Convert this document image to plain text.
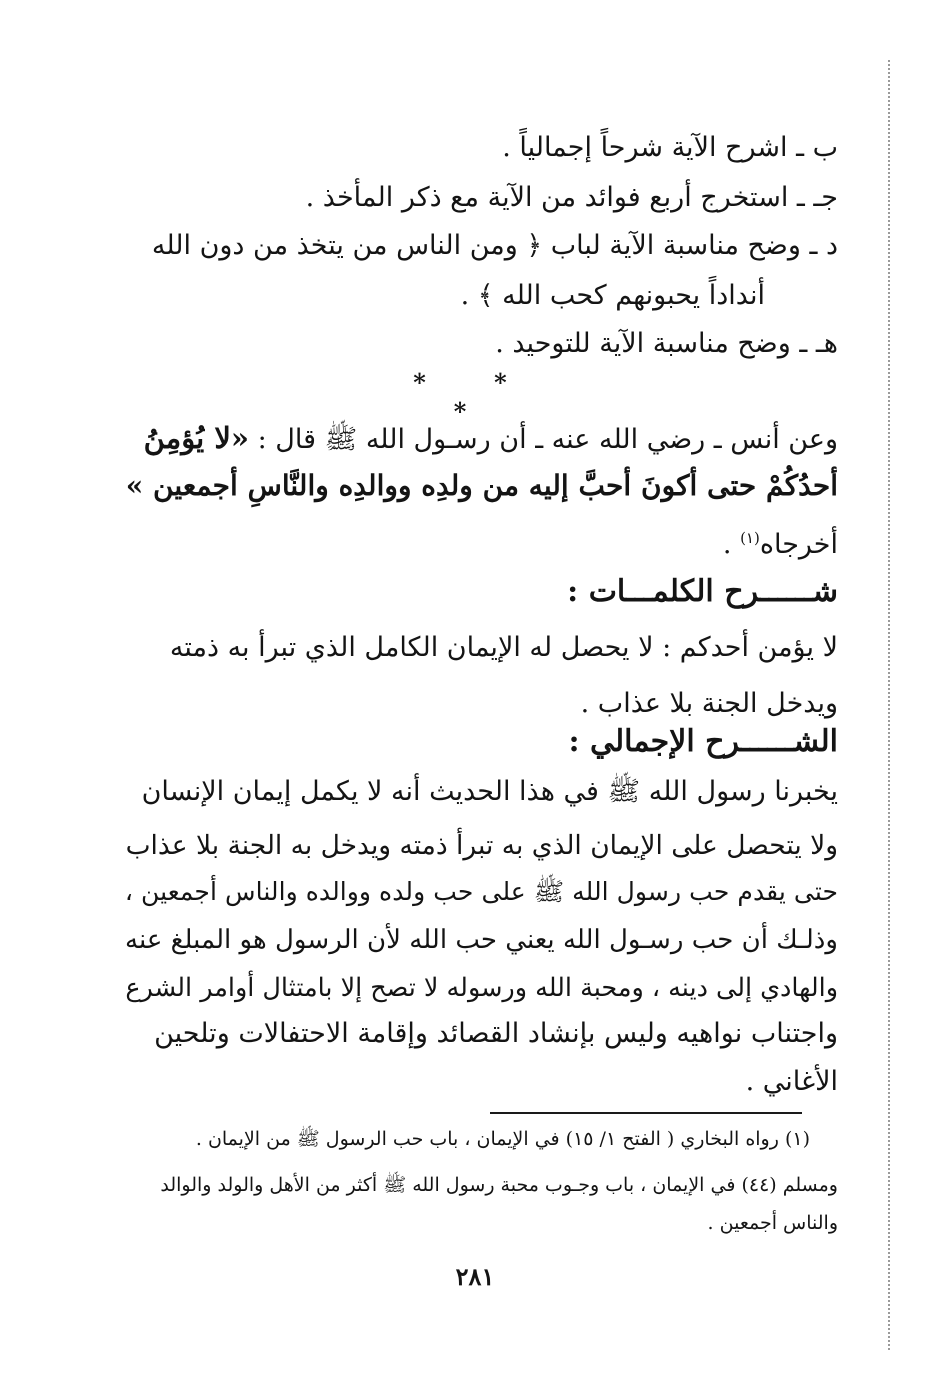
ب ـ اشرح الآية شرحاً إجمالياً .
جـ ـ استخرج أربع فوائد من الآية مع ذكر المأخذ .
د ـ وضح مناسبة الآية لباب ﴿ ومن الناس من يتخذ من دون الله
أنداداً يحبونهم كحب الله ﴾ .
هـ ـ وضح مناسبة الآية للتوحيد .
* * *
وعن أنس ـ رضي الله عنه ـ أن رسـول الله ﷺ قال : «لا يُؤمِنُ
أحدُكُمْ حتى أكونَ أحبَّ إليه من ولدِه ووالدِه والنَّاسِ أجمعين »
أخرجاه$^{(١)}$ .
شــــــرح الكلمـــات :
لا يؤمن أحدكم : لا يحصل له الإيمان الكامل الذي تبرأ به ذمته
ويدخل الجنة بلا عذاب .
الشــــــرح الإجمالي :
يخبرنا رسول الله ﷺ في هذا الحديث أنه لا يكمل إيمان الإنسان
ولا يتحصل على الإيمان الذي به تبرأ ذمته ويدخل به الجنة بلا عذاب
حتى يقدم حب رسول الله ﷺ على حب ولده ووالده والناس أجمعين ،
وذلـك أن حب رسـول الله يعني حب الله لأن الرسول هو المبلغ عنه
والهادي إلى دينه ، ومحبة الله ورسوله لا تصح إلا بامتثال أوامر الشرع
واجتناب نواهيه وليس بإنشاد القصائد وإقامة الاحتفالات وتلحين
الأغاني .
(١) رواه البخاري ( الفتح ١/ ١٥) في الإيمان ، باب حب الرسول ﷺ من الإيمان .
ومسلم (٤٤) في الإيمان ، باب وجـوب محبة رسول الله ﷺ أكثر من الأهل والولد والوالد
والناس أجمعين .
٢٨١
